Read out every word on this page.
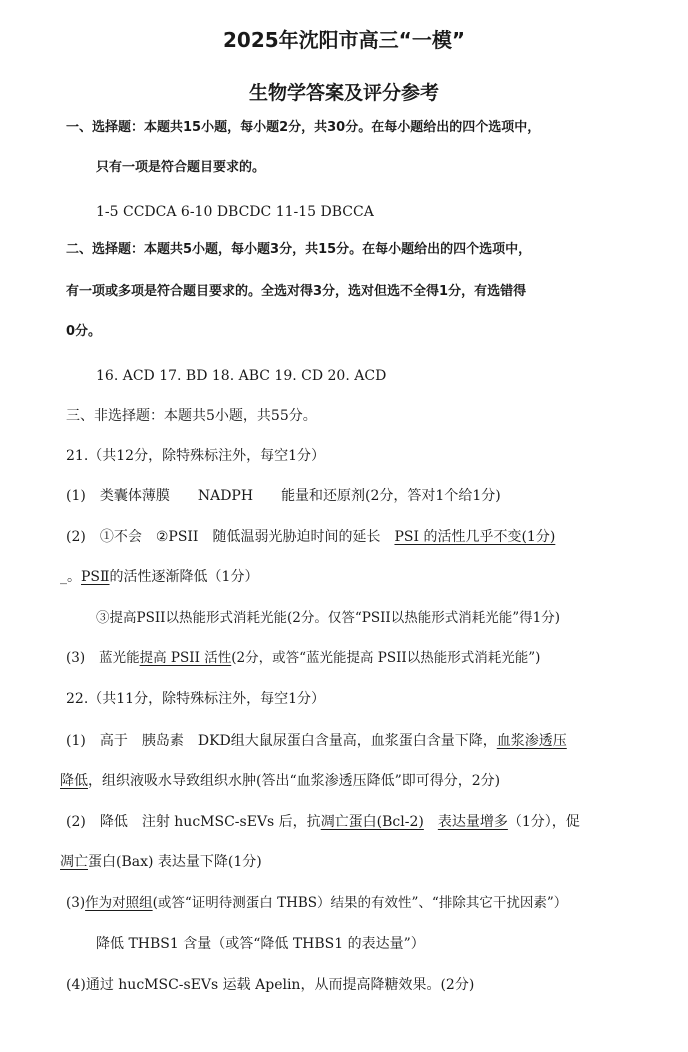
2025年沈阳市高三“一模”
生物学答案及评分参考
一、选择题：本题共15小题，每小题2分，共30分。在每小题给出的四个选项中，
只有一项是符合题目要求的。
1-5 CCDCA 6-10 DBCDC 11-15 DBCCA
二、选择题：本题共5小题，每小题3分，共15分。在每小题给出的四个选项中，
有一项或多项是符合题目要求的。全选对得3分，选对但选不全得1分，有选错得
0分。
16. ACD 17. BD 18. ABC 19. CD 20. ACD
三、非选择题：本题共5小题，共55分。
21.（共12分，除特殊标注外，每空1分）
(1) 类囊体薄膜 NADPH 能量和还原剂(2分，答对1个给1分)
(2) ①不会 ②PSII 随低温弱光胁迫时间的延长 PSI 的活性几乎不变(1分)
_。PSⅡ的活性逐渐降低（1分）
③提高PSII以热能形式消耗光能(2分。仅答“PSII以热能形式消耗光能”得1分)
(3) 蓝光能提高 PSII 活性(2分，或答“蓝光能提高 PSII以热能形式消耗光能”)
22.（共11分，除特殊标注外，每空1分）
(1) 高于 胰岛素 DKD组大鼠尿蛋白含量高，血浆蛋白含量下降，血浆渗透压
降低，组织液吸水导致组织水肿(答出“血浆渗透压降低”即可得分，2分)
(2) 降低 注射 hucMSC-sEVs 后，抗凋亡蛋白(Bcl-2) 表达量增多（1分），促
凋亡蛋白(Bax) 表达量下降(1分)
(3)作为对照组(或答“证明待测蛋白 THBS）结果的有效性”、“排除其它干扰因素”）
降低 THBS1 含量（或答“降低 THBS1 的表达量”）
(4)通过 hucMSC-sEVs 运载 Apelin，从而提高降糖效果。(2分)
